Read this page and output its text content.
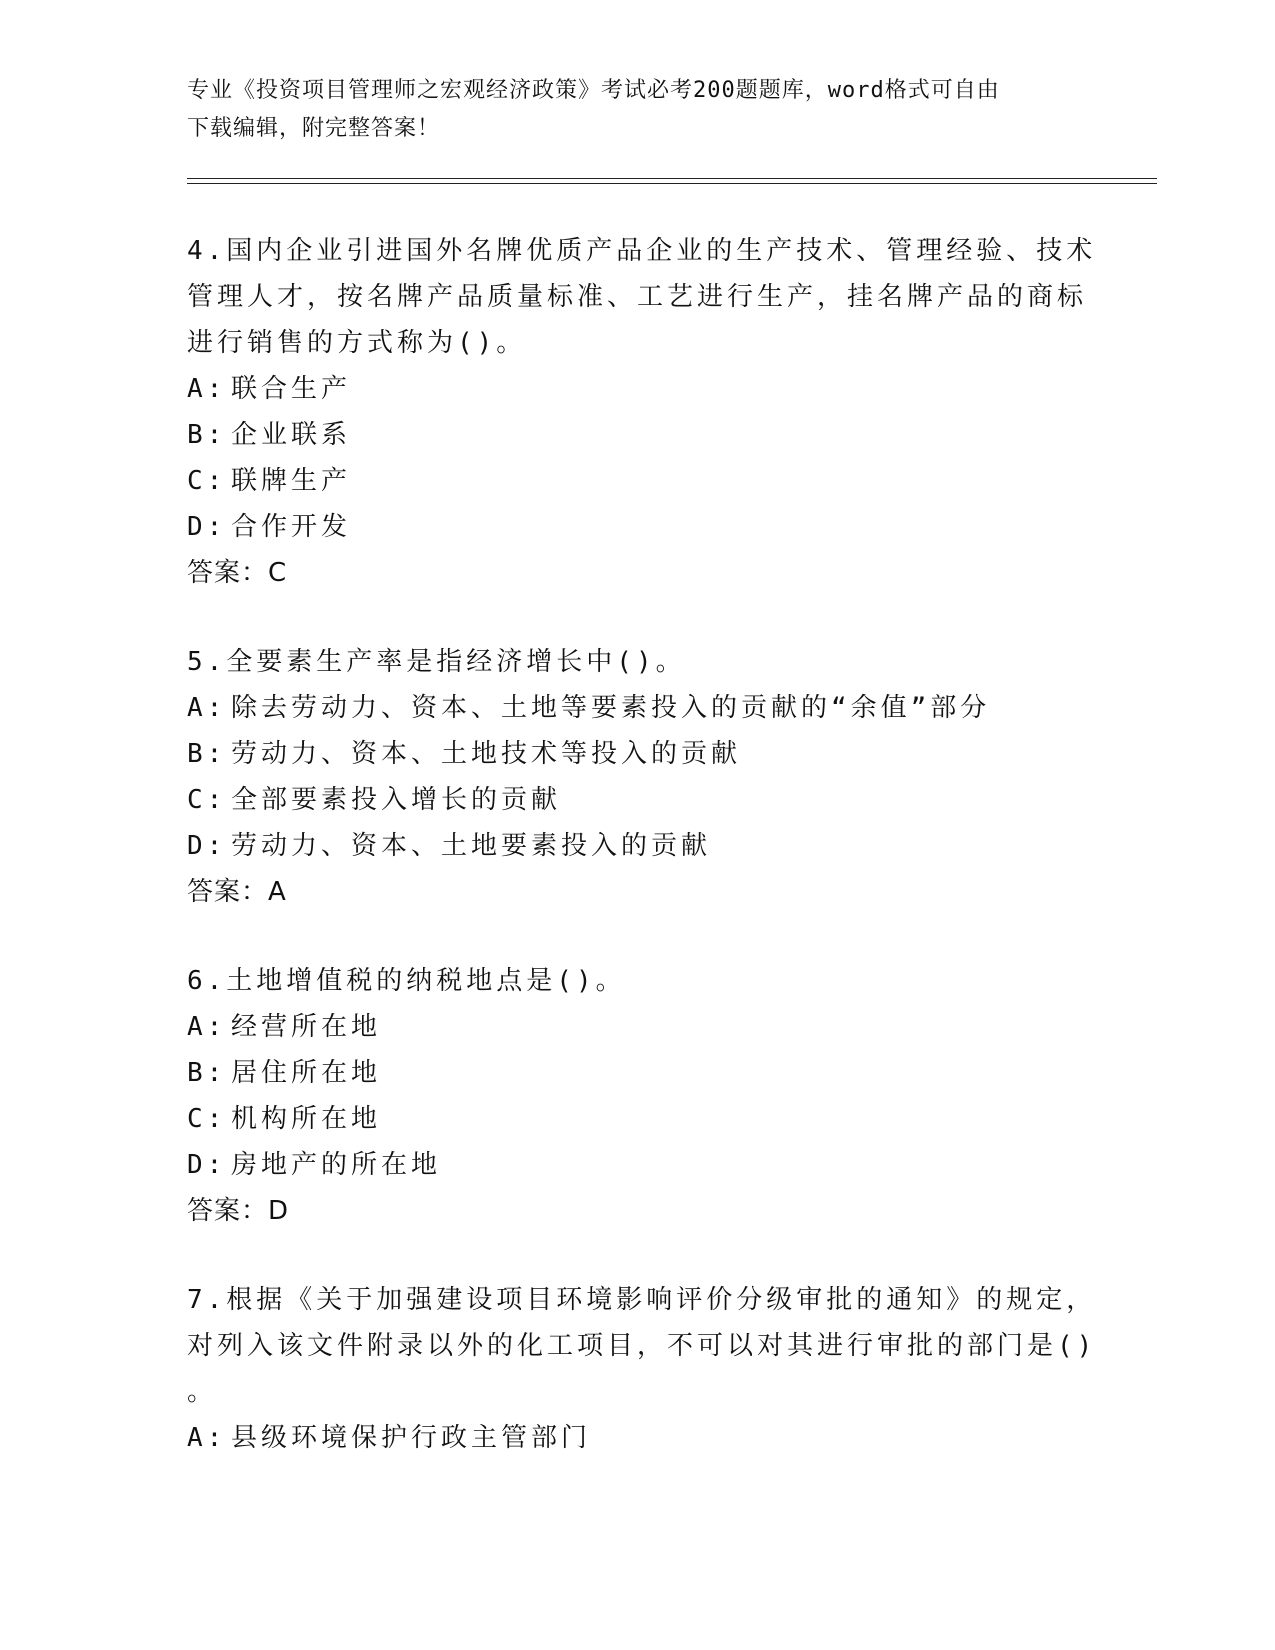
专业《投资项目管理师之宏观经济政策》考试必考200题题库，word格式可自由

下载编辑，附完整答案！

4.国内企业引进国外名牌优质产品企业的生产技术、管理经验、技术
管理人才，按名牌产品质量标准、工艺进行生产，挂名牌产品的商标
进行销售的方式称为()。
A: 联合生产
B: 企业联系
C: 联牌生产
D: 合作开发
答案：C
5.全要素生产率是指经济增长中()。
A: 除去劳动力、资本、土地等要素投入的贡献的“余值”部分
B: 劳动力、资本、土地技术等投入的贡献
C: 全部要素投入增长的贡献
D: 劳动力、资本、土地要素投入的贡献
答案：A
6.土地增值税的纳税地点是()。
A: 经营所在地
B: 居住所在地
C: 机构所在地
D: 房地产的所在地
答案：D
7.根据《关于加强建设项目环境影响评价分级审批的通知》的规定，
对列入该文件附录以外的化工项目，不可以对其进行审批的部门是()
。
A: 县级环境保护行政主管部门
